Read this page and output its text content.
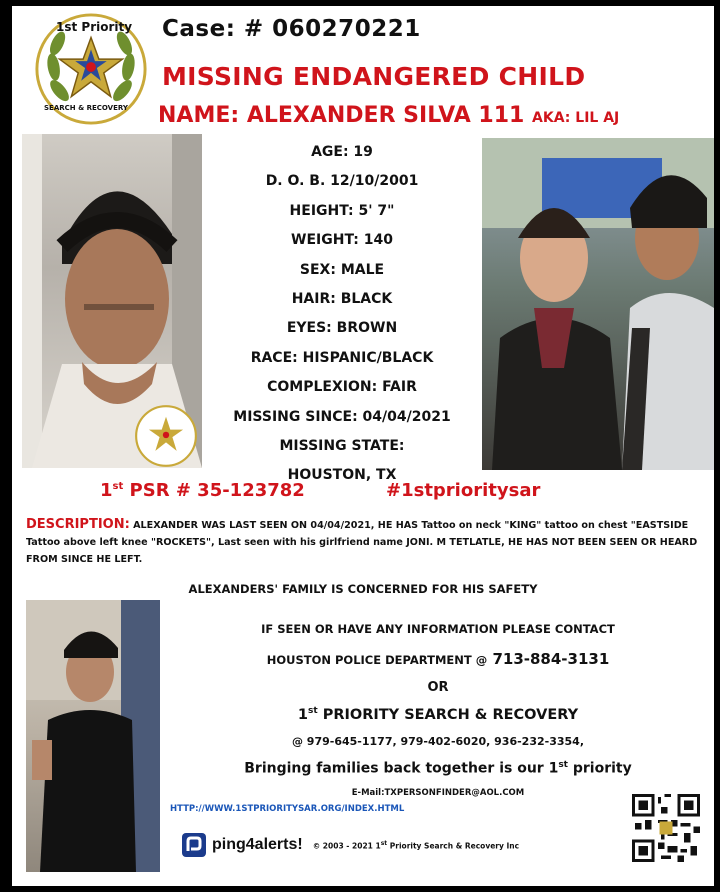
1st Priority
SEARCH & RECOVERY
Case: # 060270221
MISSING ENDANGERED CHILD
NAME: ALEXANDER SILVA 111 AKA: LIL AJ
AGE: 19
D. O. B. 12/10/2001
HEIGHT: 5' 7"
WEIGHT: 140
SEX: MALE
HAIR: BLACK
EYES: BROWN
RACE: HISPANIC/BLACK
COMPLEXION: FAIR
MISSING SINCE: 04/04/2021
MISSING STATE:
HOUSTON, TX
1st PSR # 35-123782	#1stprioritysar
DESCRIPTION: ALEXANDER WAS LAST SEEN ON 04/04/2021, HE HAS Tattoo on neck "KING" tattoo on chest "EASTSIDE Tattoo above left knee "ROCKETS", Last seen with his girlfriend name JONI. M TETLATLE, HE HAS NOT BEEN SEEN OR HEARD FROM SINCE HE LEFT.
ALEXANDERS' FAMILY IS CONCERNED FOR HIS SAFETY
IF SEEN OR HAVE ANY INFORMATION PLEASE CONTACT
HOUSTON POLICE DEPARTMENT @ 713-884-3131
OR
1st PRIORITY SEARCH & RECOVERY
@ 979-645-1177, 979-402-6020, 936-232-3354,
Bringing families back together is our 1st priority
E-Mail:TXPERSONFINDER@AOL.COM
HTTP://WWW.1STPRIORITYSAR.ORG/INDEX.HTML
ping4alerts! © 2003 - 2021 1st Priority Search & Recovery Inc
